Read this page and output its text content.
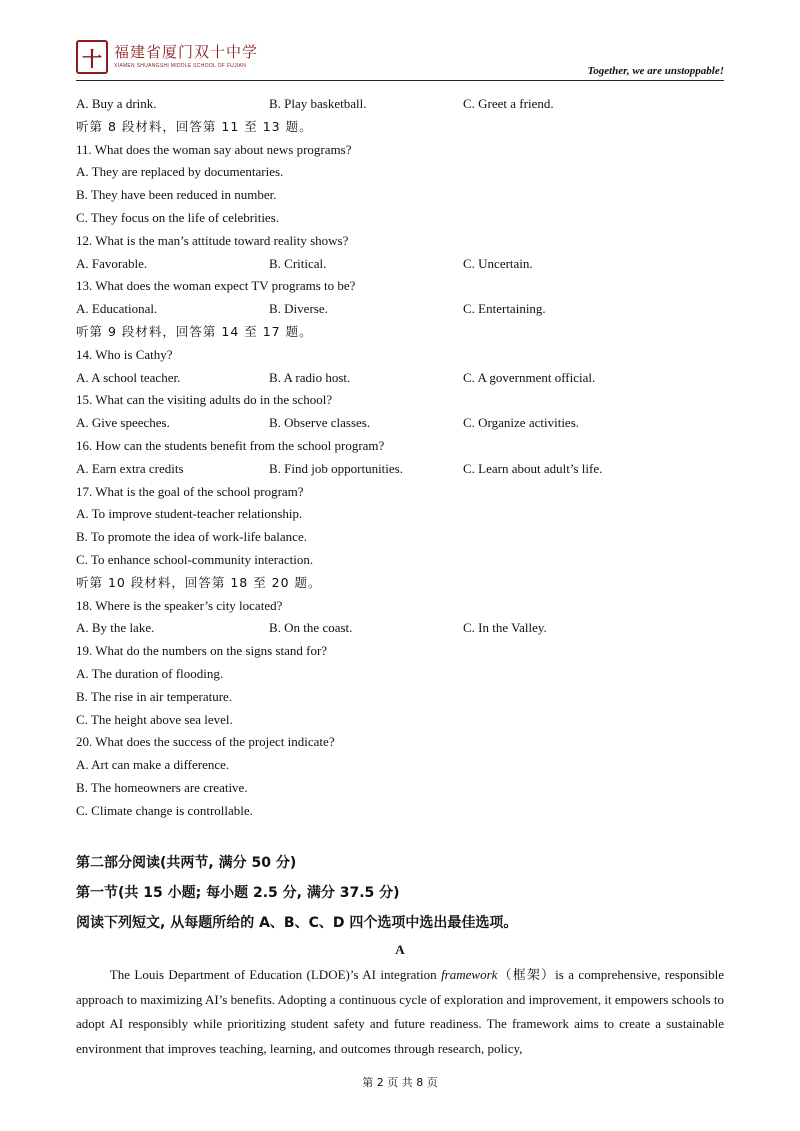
十 福建省厦门双十中学
XIAMEN SHUANGSHI MIDDLE SCHOOL OF FUJIAN	Together, we are unstoppable!
A. Buy a drink.	B. Play basketball.	C. Greet a friend.
听第 8 段材料，回答第 11 至 13 题。
11. What does the woman say about news programs?
A. They are replaced by documentaries.
B. They have been reduced in number.
C. They focus on the life of celebrities.
12. What is the man’s attitude toward reality shows?
A. Favorable.	B. Critical.	C. Uncertain.
13. What does the woman expect TV programs to be?
A. Educational.	B. Diverse.	C. Entertaining.
听第 9 段材料，回答第 14 至 17 题。
14. Who is Cathy?
A. A school teacher.	B. A radio host.	C. A government official.
15. What can the visiting adults do in the school?
A. Give speeches.	B. Observe classes.	C. Organize activities.
16. How can the students benefit from the school program?
A. Earn extra credits	B. Find job opportunities.	C. Learn about adult’s life.
17. What is the goal of the school program?
A. To improve student-teacher relationship.
B. To promote the idea of work-life balance.
C. To enhance school-community interaction.
听第 10 段材料，回答第 18 至 20 题。
18. Where is the speaker’s city located?
A. By the lake.	B. On the coast.	C. In the Valley.
19. What do the numbers on the signs stand for?
A. The duration of flooding.
B. The rise in air temperature.
C. The height above sea level.
20. What does the success of the project indicate?
A. Art can make a difference.
B. The homeowners are creative.
C. Climate change is controllable.
第二部分阅读(共两节, 满分 50 分)
第一节(共 15 小题; 每小题 2.5 分, 满分 37.5 分)
阅读下列短文, 从每题所给的 A、B、C、D 四个选项中选出最佳选项。
A
The Louis Department of Education (LDOE)’s AI integration framework（框架）is a comprehensive, responsible approach to maximizing AI’s benefits. Adopting a continuous cycle of exploration and improvement, it empowers schools to adopt AI responsibly while prioritizing student safety and future readiness. The framework aims to create a sustainable environment that improves teaching, learning, and outcomes through research, policy,
第 2 页 共 8 页
